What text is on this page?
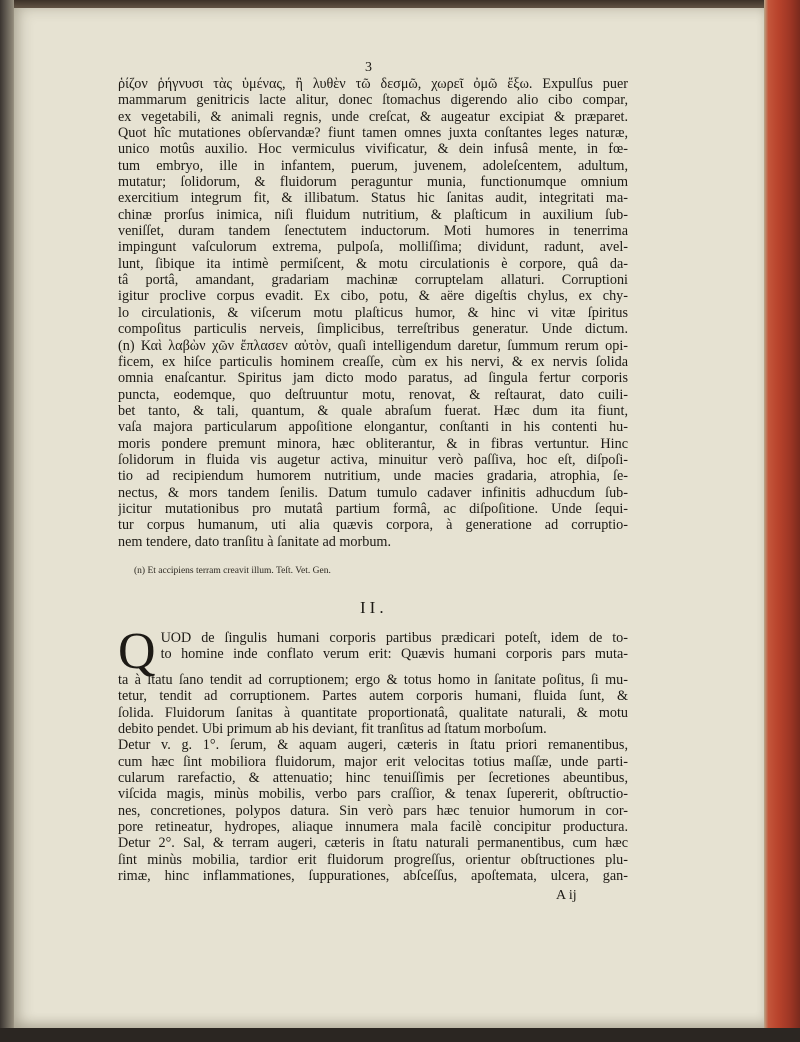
3
ῥίζον ῥήγνυσι τὰς ὑμένας, ἢ λυθὲν τῶ δεσμῶ, χωρεῖ ὀμῶ ἔξω. Expulſus puer
mammarum genitricis lacte alitur, donec ſtomachus digerendo alio cibo compar,
ex vegetabili, & animali regnis, unde creſcat, & augeatur excipiat & præparet.
Quot hîc mutationes obſervandæ? fiunt tamen omnes juxta conſtantes leges naturæ,
unico motûs auxilio. Hoc vermiculus vivificatur, & dein infusâ mente, in fœ-
tum embryo, ille in infantem, puerum, juvenem, adoleſcentem, adultum,
mutatur; ſolidorum, & fluidorum peraguntur munia, functionumque omnium
exercitium integrum fit, & illibatum. Status hic ſanitas audit, integritati ma-
chinæ prorſus inimica, niſi fluidum nutritium, & plaſticum in auxilium ſub-
veniſſet, duram tandem ſenectutem inductorum. Moti humores in tenerrima
impingunt vaſculorum extrema, pulpoſa, molliſſima; dividunt, radunt, avel-
lunt, ſibique ita intimè permiſcent, & motu circulationis è corpore, quâ da-
tâ portâ, amandant, gradariam machinæ corruptelam allaturi. Corruptioni
igitur proclive corpus evadit. Ex cibo, potu, & aëre digeſtis chylus, ex chy-
lo circulationis, & viſcerum motu plaſticus humor, & hinc vi vitæ ſpiritus
compoſitus particulis nerveis, ſimplicibus, terreſtribus generatur. Unde dictum.
(n) Καὶ λαβὼν χῶν ἔπλασεν αὐτὸν, quaſi intelligendum daretur, ſummum rerum opi-
ficem, ex hiſce particulis hominem creaſſe, cùm ex his nervi, & ex nervis ſolida
omnia enaſcantur. Spiritus jam dicto modo paratus, ad ſingula fertur corporis
puncta, eodemque, quo deſtruuntur motu, renovat, & reſtaurat, dato cuili-
bet tanto, & tali, quantum, & quale abraſum fuerat. Hæc dum ita fiunt,
vaſa majora particularum appoſitione elongantur, conſtanti in his contenti hu-
moris pondere premunt minora, hæc obliterantur, & in fibras vertuntur. Hinc
ſolidorum in fluida vis augetur activa, minuitur verò paſſiva, hoc eſt, diſpoſi-
tio ad recipiendum humorem nutritium, unde macies gradaria, atrophia, ſe-
nectus, & mors tandem ſenilis. Datum tumulo cadaver infinitis adhucdum ſub-
jicitur mutationibus pro mutatâ partium formâ, ac diſpoſitione. Unde ſequi-
tur corpus humanum, uti alia quævis corpora, à generatione ad corruptio-
nem tendere, dato tranſitu à ſanitate ad morbum.
(n) Et accipiens terram creavit illum. Teſt. Vet. Gen.
II.
Q UOD de ſingulis humani corporis partibus prædicari poteſt, idem de to-
to homine inde conflato verum erit: Quævis humani corporis pars muta-
ta à ſtatu ſano tendit ad corruptionem; ergo & totus homo in ſanitate poſitus, ſi mu-
tetur, tendit ad corruptionem. Partes autem corporis humani, fluida ſunt, &
ſolida. Fluidorum ſanitas à quantitate proportionatâ, qualitate naturali, & motu
debito pendet. Ubi primum ab his deviant, fit tranſitus ad ſtatum morboſum.
Detur v. g. 1°. ſerum, & aquam augeri, cæteris in ſtatu priori remanentibus,
cum hæc ſint mobiliora fluidorum, major erit velocitas totius maſſæ, unde parti-
cularum rarefactio, & attenuatio; hinc tenuiſſimis per ſecretiones abeuntibus,
viſcida magis, minùs mobilis, verbo pars craſſior, & tenax ſupererit, obſtructio-
nes, concretiones, polypos datura. Sin verò pars hæc tenuior humorum in cor-
pore retineatur, hydropes, aliaque innumera mala facilè concipitur productura.
Detur 2°. Sal, & terram augeri, cæteris in ſtatu naturali permanentibus, cum hæc
ſint minùs mobilia, tardior erit fluidorum progreſſus, orientur obſtructiones plu-
rimæ, hinc inflammationes, ſuppurationes, abſceſſus, apoſtemata, ulcera, gan-
A ij
